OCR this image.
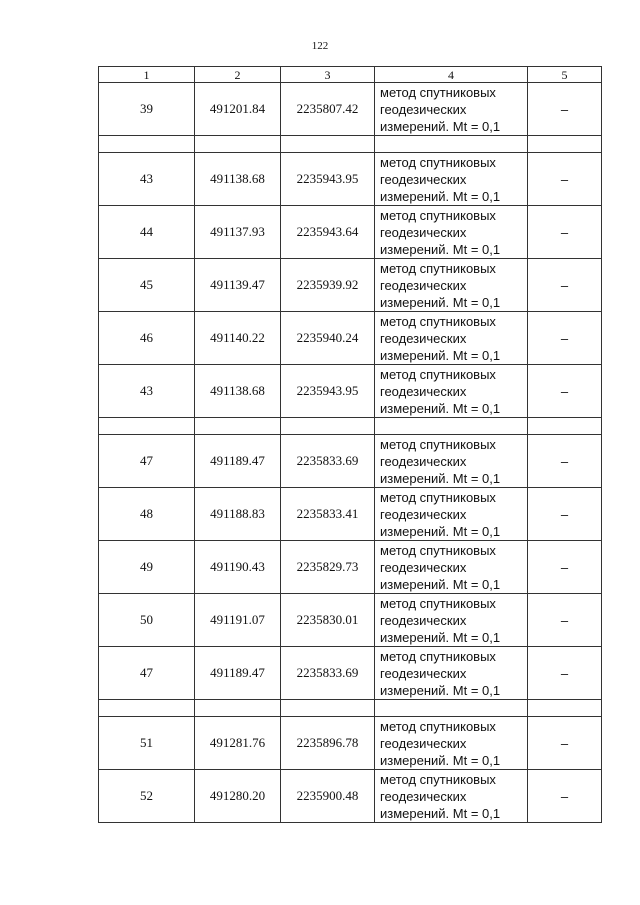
122
1	2	3	4	5
39	491201.84	2235807.42	метод спутниковых геодезических измерений. Mt = 0,1	–

43	491138.68	2235943.95	метод спутниковых геодезических измерений. Mt = 0,1	–
44	491137.93	2235943.64	метод спутниковых геодезических измерений. Mt = 0,1	–
45	491139.47	2235939.92	метод спутниковых геодезических измерений. Mt = 0,1	–
46	491140.22	2235940.24	метод спутниковых геодезических измерений. Mt = 0,1	–
43	491138.68	2235943.95	метод спутниковых геодезических измерений. Mt = 0,1	–

47	491189.47	2235833.69	метод спутниковых геодезических измерений. Mt = 0,1	–
48	491188.83	2235833.41	метод спутниковых геодезических измерений. Mt = 0,1	–
49	491190.43	2235829.73	метод спутниковых геодезических измерений. Mt = 0,1	–
50	491191.07	2235830.01	метод спутниковых геодезических измерений. Mt = 0,1	–
47	491189.47	2235833.69	метод спутниковых геодезических измерений. Mt = 0,1	–

51	491281.76	2235896.78	метод спутниковых геодезических измерений. Mt = 0,1	–
52	491280.20	2235900.48	метод спутниковых геодезических измерений. Mt = 0,1	–
